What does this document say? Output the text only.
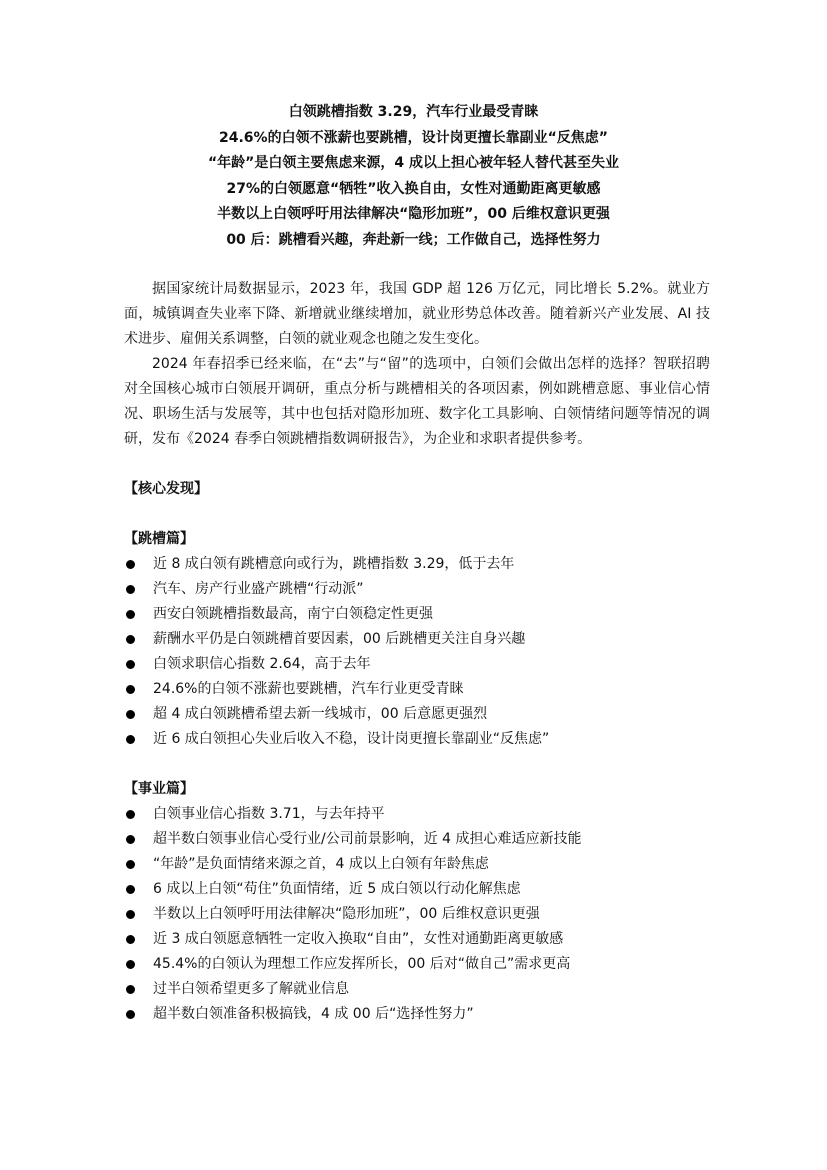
白领跳槽指数 3.29，汽车行业最受青睐
24.6%的白领不涨薪也要跳槽，设计岗更擅长靠副业“反焦虑”
“年龄”是白领主要焦虑来源，4 成以上担心被年轻人替代甚至失业
27%的白领愿意“牺牲”收入换自由，女性对通勤距离更敏感
半数以上白领呼吁用法律解决“隐形加班”，00 后维权意识更强
00 后：跳槽看兴趣，奔赴新一线；工作做自己，选择性努力

据国家统计局数据显示，2023 年，我国 GDP 超 126 万亿元，同比增长 5.2%。就业方面，城镇调查失业率下降、新增就业继续增加，就业形势总体改善。随着新兴产业发展、AI 技术进步、雇佣关系调整，白领的就业观念也随之发生变化。

2024 年春招季已经来临，在“去”与“留”的选项中，白领们会做出怎样的选择？智联招聘对全国核心城市白领展开调研，重点分析与跳槽相关的各项因素，例如跳槽意愿、事业信心情况、职场生活与发展等，其中也包括对隐形加班、数字化工具影响、白领情绪问题等情况的调研，发布《2024 春季白领跳槽指数调研报告》，为企业和求职者提供参考。

【核心发现】
【跳槽篇】
近 8 成白领有跳槽意向或行为，跳槽指数 3.29，低于去年
汽车、房产行业盛产跳槽“行动派”
西安白领跳槽指数最高，南宁白领稳定性更强
薪酬水平仍是白领跳槽首要因素，00 后跳槽更关注自身兴趣
白领求职信心指数 2.64，高于去年
24.6%的白领不涨薪也要跳槽，汽车行业更受青睐
超 4 成白领跳槽希望去新一线城市，00 后意愿更强烈
近 6 成白领担心失业后收入不稳，设计岗更擅长靠副业“反焦虑”
【事业篇】
白领事业信心指数 3.71，与去年持平
超半数白领事业信心受行业/公司前景影响，近 4 成担心难适应新技能
“年龄”是负面情绪来源之首，4 成以上白领有年龄焦虑
6 成以上白领“苟住”负面情绪，近 5 成白领以行动化解焦虑
半数以上白领呼吁用法律解决“隐形加班”，00 后维权意识更强
近 3 成白领愿意牺牲一定收入换取“自由”，女性对通勤距离更敏感
45.4%的白领认为理想工作应发挥所长，00 后对“做自己”需求更高
过半白领希望更多了解就业信息
超半数白领准备积极搞钱，4 成 00 后“选择性努力”
